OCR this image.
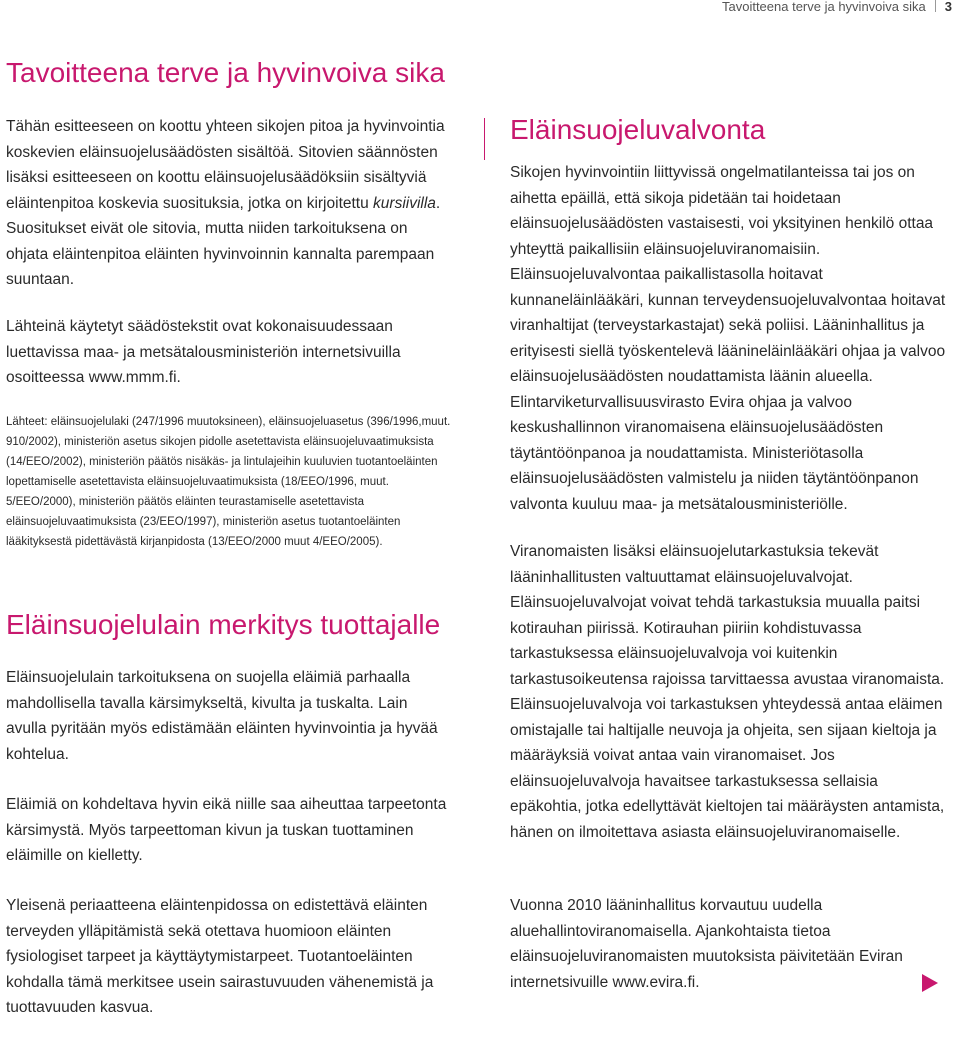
Tavoitteena terve ja hyvinvoiva sika 3
Tavoitteena terve ja hyvinvoiva sika

Tähän esitteeseen on koottu yhteen sikojen pitoa ja hyvinvointia koskevien eläinsuojelusäädösten sisältöä. Sitovien säännösten lisäksi esitteeseen on koottu eläinsuojelusäädöksiin sisältyviä eläintenpitoa koskevia suosituksia, jotka on kirjoitettu kursiivilla. Suositukset eivät ole sitovia, mutta niiden tarkoituksena on ohjata eläintenpitoa eläinten hyvinvoinnin kannalta parempaan suuntaan.

Lähteinä käytetyt säädöstekstit ovat kokonaisuudessaan luettavissa maa- ja metsätalousministeriön internetsivuilla osoitteessa www.mmm.fi.

Lähteet: eläinsuojelulaki (247/1996 muutoksineen), eläinsuojeluasetus (396/1996,muut. 910/2002), ministeriön asetus sikojen pidolle asetettavista eläinsuojeluvaatimuksista (14/EEO/2002), ministeriön päätös nisäkäs- ja lintulajeihin kuuluvien tuotantoeläinten lopettamiselle asetettavista eläinsuojeluvaatimuksista (18/EEO/1996, muut. 5/EEO/2000), ministeriön päätös eläinten teurastamiselle asetettavista eläinsuojeluvaatimuksista (23/EEO/1997), ministeriön asetus tuotantoeläinten lääkityksestä pidettävästä kirjanpidosta (13/EEO/2000 muut 4/EEO/2005).

Eläinsuojelulain merkitys tuottajalle

Eläinsuojelulain tarkoituksena on suojella eläimiä parhaalla mahdollisella tavalla kärsimykseltä, kivulta ja tuskalta. Lain avulla pyritään myös edistämään eläinten hyvinvointia ja hyvää kohtelua.

Eläimiä on kohdeltava hyvin eikä niille saa aiheuttaa tarpeetonta kärsimystä. Myös tarpeettoman kivun ja tuskan tuottaminen eläimille on kielletty.

Yleisenä periaatteena eläintenpidossa on edistettävä eläinten terveyden ylläpitämistä sekä otettava huomioon eläinten fysiologiset tarpeet ja käyttäytymistarpeet. Tuotantoeläinten kohdalla tämä merkitsee usein sairastuvuuden vähenemistä ja tuottavuuden kasvua.

Eläinsuojeluvalvonta

Sikojen hyvinvointiin liittyvissä ongelmatilanteissa tai jos on aihetta epäillä, että sikoja pidetään tai hoidetaan eläinsuojelusäädösten vastaisesti, voi yksityinen henkilö ottaa yhteyttä paikallisiin eläinsuojeluviranomaisiin. Eläinsuojeluvalvontaa paikallistasolla hoitavat kunnaneläinlääkäri, kunnan terveydensuojeluvalvontaa hoitavat viranhaltijat (terveystarkastajat) sekä poliisi. Lääninhallitus ja erityisesti siellä työskentelevä läänineläinlääkäri ohjaa ja valvoo eläinsuojelusäädösten noudattamista läänin alueella. Elintarviketurvallisuusvirasto Evira ohjaa ja valvoo keskushallinnon viranomaisena eläinsuojelusäädösten täytäntöönpanoa ja noudattamista. Ministeriötasolla eläinsuojelusäädösten valmistelu ja niiden täytäntöönpanon valvonta kuuluu maa- ja metsätalousministeriölle.

Viranomaisten lisäksi eläinsuojelutarkastuksia tekevät lääninhallitusten valtuuttamat eläinsuojeluvalvojat. Eläinsuojeluvalvojat voivat tehdä tarkastuksia muualla paitsi kotirauhan piirissä. Kotirauhan piiriin kohdistuvassa tarkastuksessa eläinsuojeluvalvoja voi kuitenkin tarkastusoikeutensa rajoissa tarvittaessa avustaa viranomaista. Eläinsuojeluvalvoja voi tarkastuksen yhteydessä antaa eläimen omistajalle tai haltijalle neuvoja ja ohjeita, sen sijaan kieltoja ja määräyksiä voivat antaa vain viranomaiset. Jos eläinsuojeluvalvoja havaitsee tarkastuksessa sellaisia epäkohtia, jotka edellyttävät kieltojen tai määräysten antamista, hänen on ilmoitettava asiasta eläinsuojeluviranomaiselle.

Vuonna 2010 lääninhallitus korvautuu uudella aluehallintoviranomaisella. Ajankohtaista tietoa eläinsuojeluviranomaisten muutoksista päivitetään Eviran internetsivuille www.evira.fi.
